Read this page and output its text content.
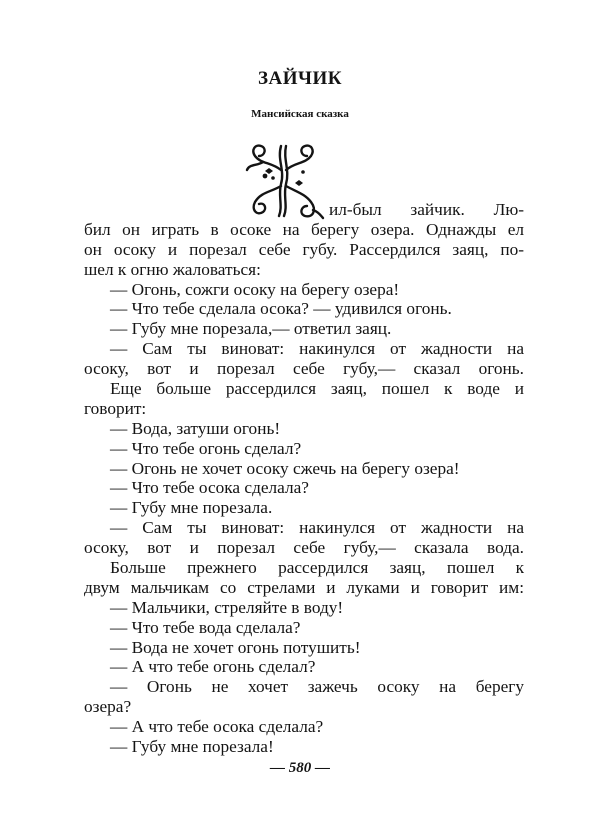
ЗАЙЧИК
Мансийская сказка
ил-был зайчик. Лю-
бил он играть в осоке на берегу озера. Однажды ел
он осоку и порезал себе губу. Рассердился заяц, по-
шел к огню жаловаться:
— Огонь, сожги осоку на берегу озера!
— Что тебе сделала осока? — удивился огонь.
— Губу мне порезала,— ответил заяц.
— Сам ты виноват: накинулся от жадности на
осоку, вот и порезал себе губу,— сказал огонь.
Еще больше рассердился заяц, пошел к воде и
говорит:
— Вода, затуши огонь!
— Что тебе огонь сделал?
— Огонь не хочет осоку сжечь на берегу озера!
— Что тебе осока сделала?
— Губу мне порезала.
— Сам ты виноват: накинулся от жадности на
осоку, вот и порезал себе губу,— сказала вода.
Больше прежнего рассердился заяц, пошел к
двум мальчикам со стрелами и луками и говорит им:
— Мальчики, стреляйте в воду!
— Что тебе вода сделала?
— Вода не хочет огонь потушить!
— А что тебе огонь сделал?
— Огонь не хочет зажечь осоку на берегу
озера?
— А что тебе осока сделала?
— Губу мне порезала!
— 580 —
